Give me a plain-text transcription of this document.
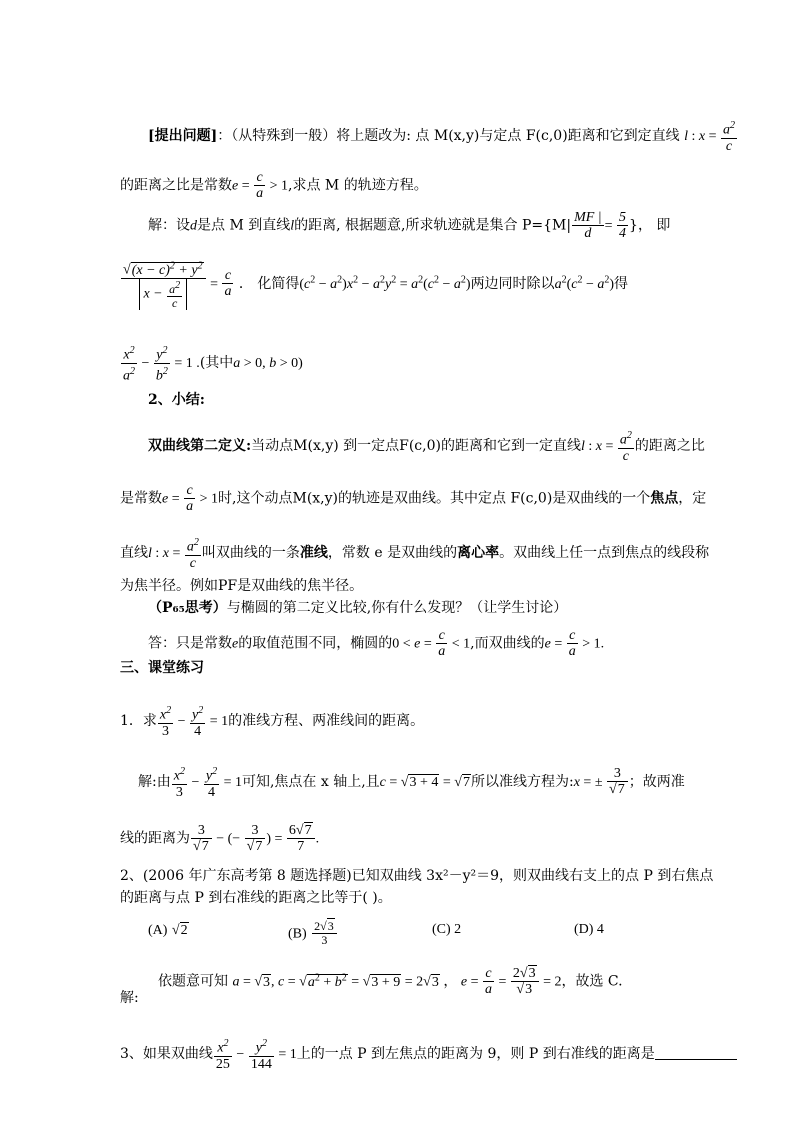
[提出问题]：（从特殊到一般）将上题改为: 点 M(x,y)与定点 F(c,0)距离和它到定直线 l : $x = \frac{a^2}{c}$
的距离之比是常数$e = \frac{c}{a} > 1$,求点 M 的轨迹方程。
解：设d是点 M 到直线l的距离, 根据题意,所求轨迹就是集合 $P=\{M| \frac{MF |}{d} = \frac{5}{4}$ }， 即
$\frac{√(x - c)^2 + y^2}{x - \frac{a^2}{c}} = \frac{c}{a}$ ． 化简得$(c^2 - a^2)x^2 - a^2y^2 = a^2(c^2 - a^2)$两边同时除以$a^2(c^2 - a^2)$得
$\frac{x^2}{a^2} - \frac{y^2}{b^2} = 1$ .(其中a > 0, b > 0)
2、小结:
双曲线第二定义:当动点M(x,y) 到一定点F(c,0)的距离和它到一定直线l : $x = \frac{a^2}{c}$ 的距离之比
是常数$e = \frac{c}{a} > 1$时,这个动点M(x,y)的轨迹是双曲线。其中定点 F(c,0)是双曲线的一个焦点，定
直线l : $x = \frac{a^2}{c}$ 叫双曲线的一条准线，常数 e 是双曲线的离心率。双曲线上任一点到焦点的线段称
为焦半径。例如PF是双曲线的焦半径。
（P₆₅思考）与椭圆的第二定义比较,你有什么发现？（让学生讨论）
答：只是常数e的取值范围不同，椭圆的$0 < e = \frac{c}{a} < 1$,而双曲线的$e = \frac{c}{a} > 1$.
三、课堂练习
1．求 $\frac{x^2}{3} - \frac{y^2}{4} = 1$的准线方程、两准线间的距离。
解:由 $\frac{x^2}{3} - \frac{y^2}{4} = 1$可知,焦点在 x 轴上,且c = √3 + 4 = √7所以准线方程为:x = ± $\frac{3}{√7}$ ；故两准
线的距离为 $\frac{3}{√7}$ − (− $\frac{3}{√7}$ ) = $\frac{6√7}{7}$ .
2、(2006 年广东高考第 8 题选择题)已知双曲线 3x²－y²＝9，则双曲线右支上的点 P 到右焦点
的距离与点 P 到右准线的距离之比等于( )。
(A) √2	$(B) \frac{2√3}{3}$	(C) 2	(D) 4
依题意可知 a = √3, $c = √a^2 + b^2 = √3 + 9 = 2√3$ ， $e = \frac{c}{a} = \frac{2√3}{√3} = 2$，故选 C.
解:
3、如果双曲线 $\frac{x^2}{25} - \frac{y^2}{144} = 1$上的一点 P 到左焦点的距离为 9，则 P 到右准线的距离是
